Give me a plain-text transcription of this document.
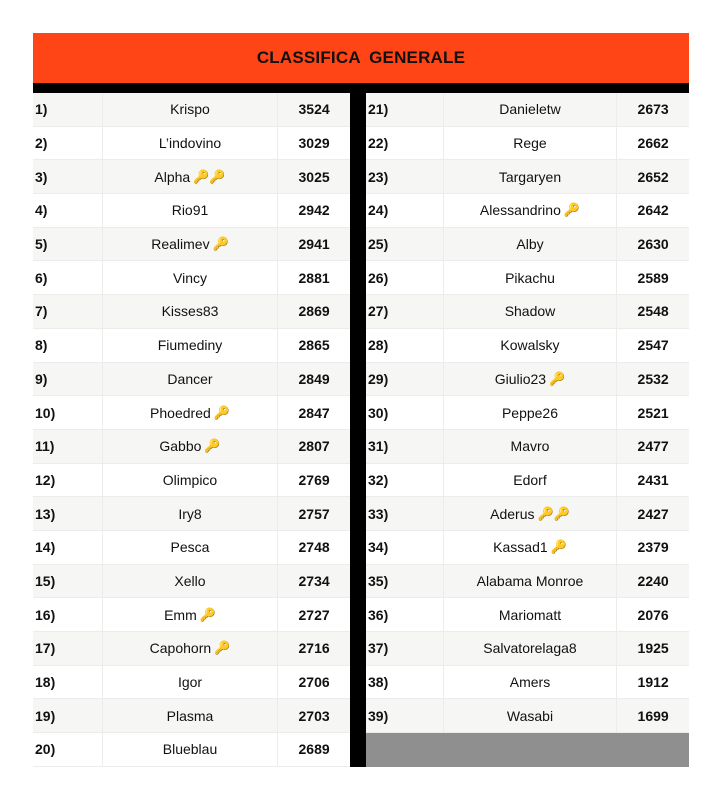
CLASSIFICA GENERALE
1)	Krispo	3524
2)	L’indovino	3029
3)	Alpha 🔑🔑	3025
4)	Rio91	2942
5)	Realimev 🔑	2941
6)	Vincy	2881
7)	Kisses83	2869
8)	Fiumediny	2865
9)	Dancer	2849
10)	Phoedred 🔑	2847
11)	Gabbo 🔑	2807
12)	Olimpico	2769
13)	Iry8	2757
14)	Pesca	2748
15)	Xello	2734
16)	Emm 🔑	2727
17)	Capohorn 🔑	2716
18)	Igor	2706
19)	Plasma	2703
20)	Blueblau	2689
21)	Danieletw	2673
22)	Rege	2662
23)	Targaryen	2652
24)	Alessandrino 🔑	2642
25)	Alby	2630
26)	Pikachu	2589
27)	Shadow	2548
28)	Kowalsky	2547
29)	Giulio23 🔑	2532
30)	Peppe26	2521
31)	Mavro	2477
32)	Edorf	2431
33)	Aderus 🔑🔑	2427
34)	Kassad1 🔑	2379
35)	Alabama Monroe	2240
36)	Mariomatt	2076
37)	Salvatorelaga8	1925
38)	Amers	1912
39)	Wasabi	1699
